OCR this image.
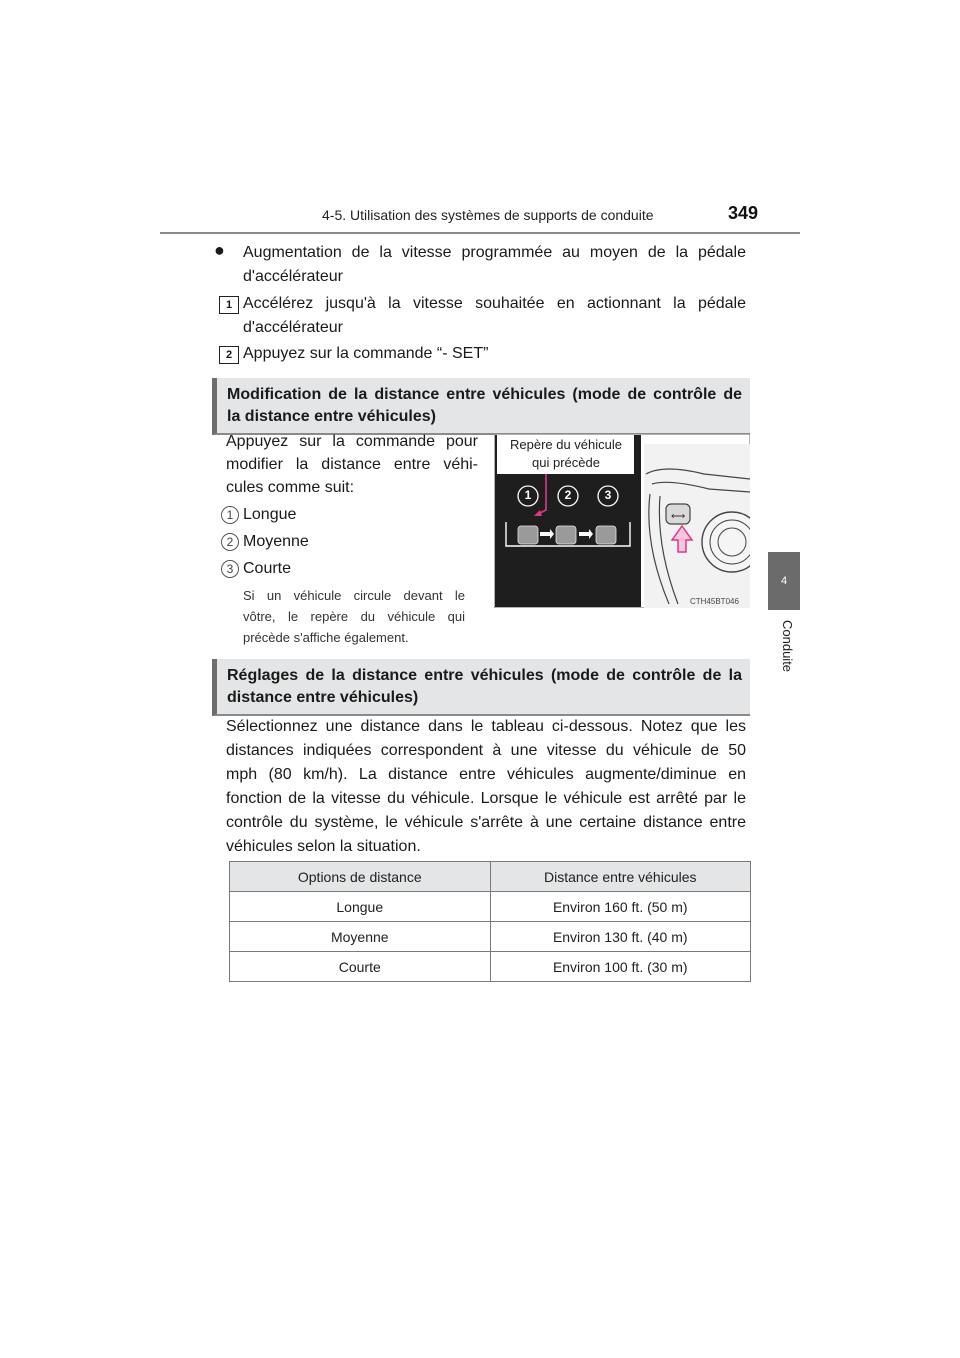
4-5. Utilisation des systèmes de supports de conduite	349
4
Conduite
● Augmentation de la vitesse programmée au moyen de la pédale
d'accélérateur
1 Accélérez jusqu'à la vitesse souhaitée en actionnant la pédale
d'accélérateur
2 Appuyez sur la commande “- SET”
Modification de la distance entre véhicules (mode de contrôle de
la distance entre véhicules)
Appuyez sur la commande pour
modifier la distance entre véhi-
cules comme suit:
1 Longue
2 Moyenne
3 Courte
Si un véhicule circule devant le
vôtre, le repère du véhicule qui
précède s'affiche également.
⟷
Repère du véhicule
qui précède
1	2	3
CTH45BT046
Réglages de la distance entre véhicules (mode de contrôle de la
distance entre véhicules)
Sélectionnez une distance dans le tableau ci-dessous. Notez que les
distances indiquées correspondent à une vitesse du véhicule de 50
mph (80 km/h). La distance entre véhicules augmente/diminue en
fonction de la vitesse du véhicule. Lorsque le véhicule est arrêté par le
contrôle du système, le véhicule s'arrête à une certaine distance entre
véhicules selon la situation.
Options de distance	Distance entre véhicules
Longue	Environ 160 ft. (50 m)
Moyenne	Environ 130 ft. (40 m)
Courte	Environ 100 ft. (30 m)
